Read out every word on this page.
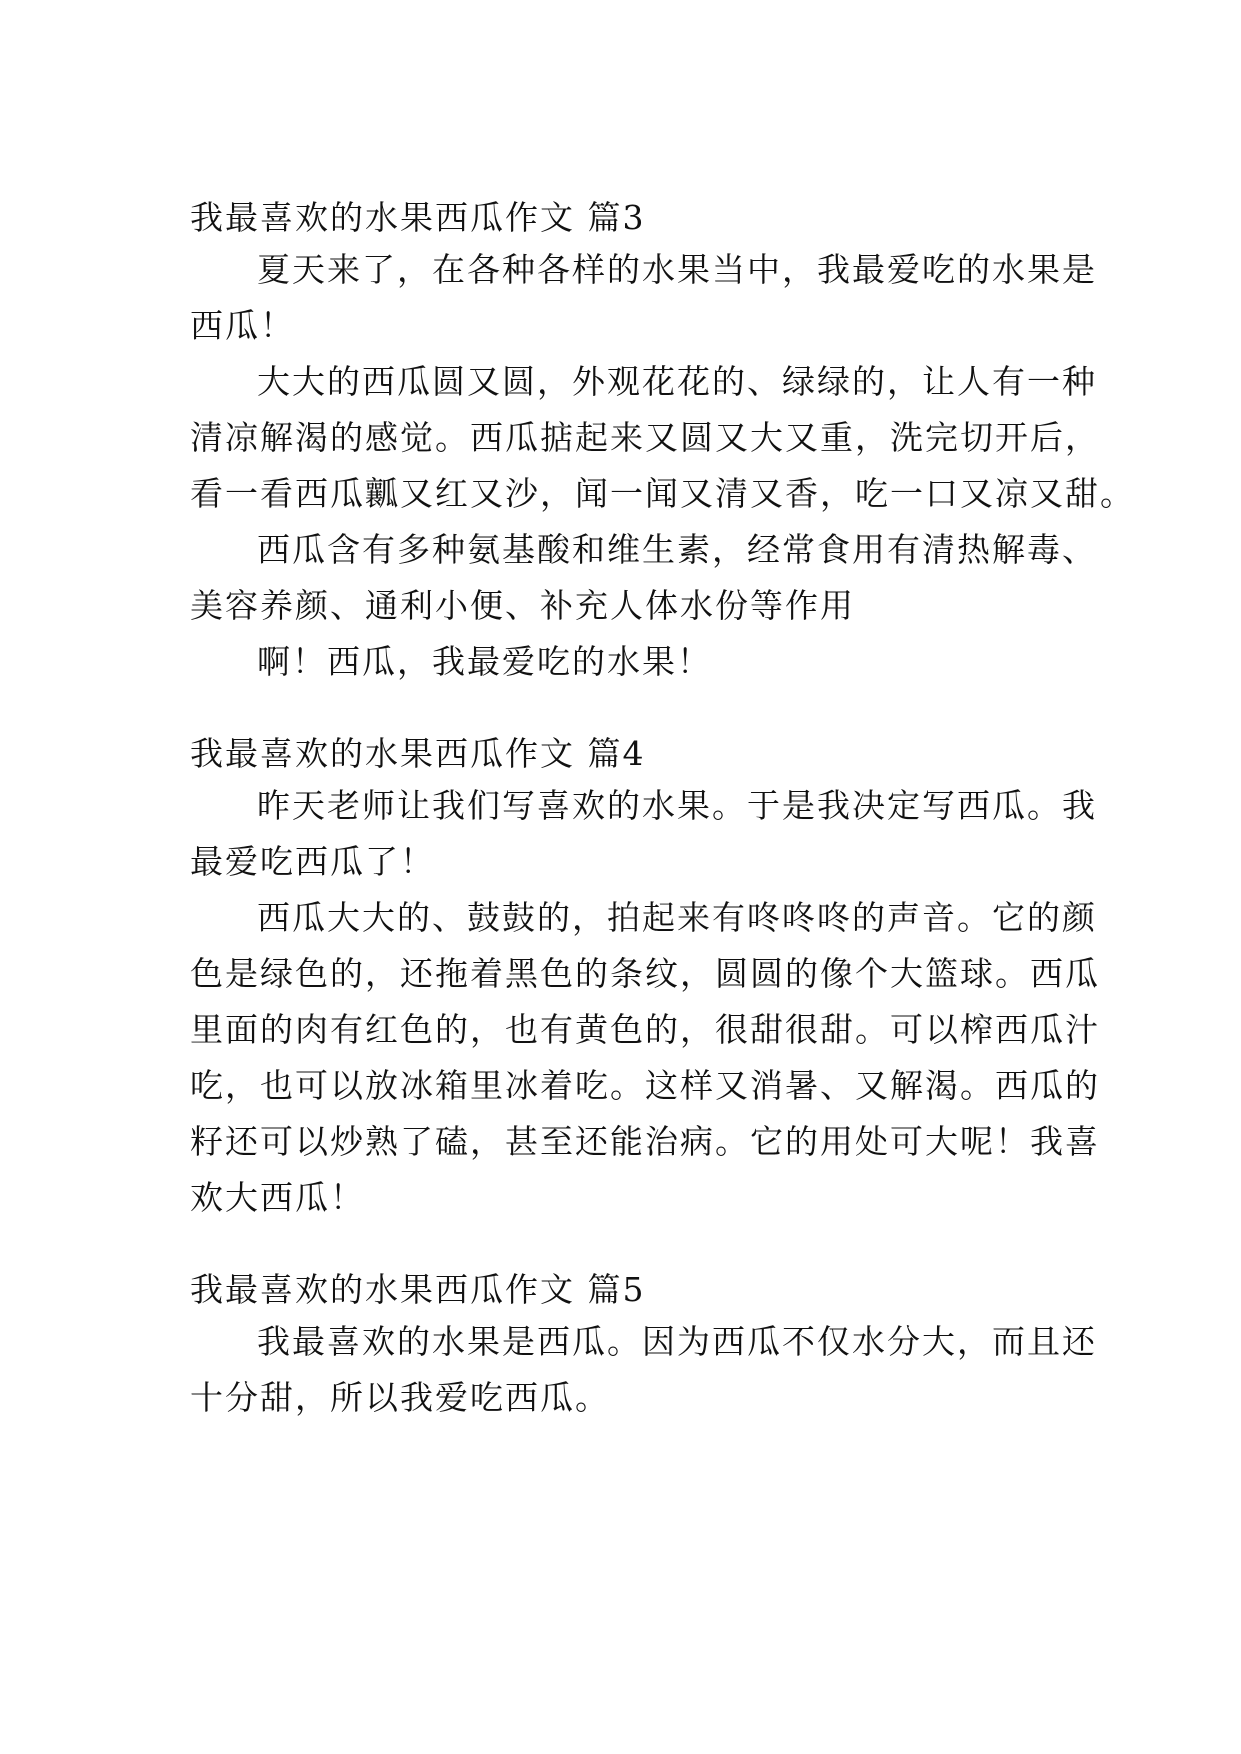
我最喜欢的水果西瓜作文 篇3
夏天来了，在各种各样的水果当中，我最爱吃的水果是
西瓜！
大大的西瓜圆又圆，外观花花的、绿绿的，让人有一种
清凉解渴的感觉。西瓜掂起来又圆又大又重，洗完切开后，
看一看西瓜瓤又红又沙，闻一闻又清又香，吃一口又凉又甜。
西瓜含有多种氨基酸和维生素，经常食用有清热解毒、
美容养颜、通利小便、补充人体水份等作用
啊！西瓜，我最爱吃的水果！
我最喜欢的水果西瓜作文 篇4
昨天老师让我们写喜欢的水果。于是我决定写西瓜。我
最爱吃西瓜了！
西瓜大大的、鼓鼓的，拍起来有咚咚咚的声音。它的颜
色是绿色的，还拖着黑色的条纹，圆圆的像个大篮球。西瓜
里面的肉有红色的，也有黄色的，很甜很甜。可以榨西瓜汁
吃，也可以放冰箱里冰着吃。这样又消暑、又解渴。西瓜的
籽还可以炒熟了磕，甚至还能治病。它的用处可大呢！我喜
欢大西瓜！
我最喜欢的水果西瓜作文 篇5
我最喜欢的水果是西瓜。因为西瓜不仅水分大，而且还
十分甜，所以我爱吃西瓜。
